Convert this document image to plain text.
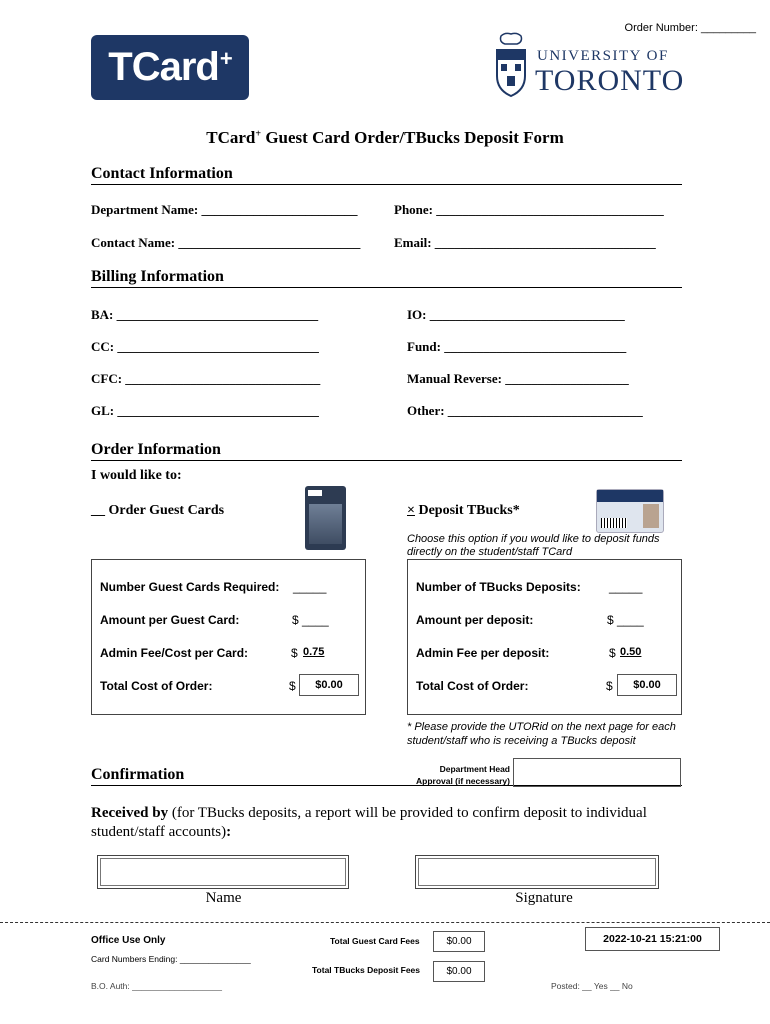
Order Number: _________
TCard+	UNIVERSITY OF
TORONTO
TCard+ Guest Card Order/TBucks Deposit Form
Contact Information
Department Name: ________________________	Phone: ___________________________________
Contact Name: ____________________________	Email: __________________________________
Billing Information
BA: _______________________________	IO: ______________________________
CC: _______________________________	Fund: ____________________________
CFC: ______________________________	Manual Reverse: ___________________
GL: _______________________________	Other: ______________________________
Order Information
I would like to:
__ Order Guest Cards	× Deposit TBucks*
Choose this option if you would like to deposit funds directly on the student/staff TCard
Number Guest Cards Required: _____
Amount per Guest Card:	$ ____
Admin Fee/Cost per Card:	$ 0.75
Total Cost of Order:	$	$0.00
Number of TBucks Deposits: _____
Amount per deposit:	$ ____
Admin Fee per deposit:	$ 0.50
Total Cost of Order:	$	$0.00
* Please provide the UTORid on the next page for each student/staff who is receiving a TBucks deposit
Confirmation	Department Head
Approval (if necessary)
Received by (for TBucks deposits, a report will be provided to confirm deposit to individual student/staff accounts):
Name	Signature
Office Use Only
Card Numbers Ending: _______________
B.O. Auth: ___________________
Total Guest Card Fees	$0.00
Total TBucks Deposit Fees	$0.00
2022-10-21 15:21:00
Posted: __ Yes __ No
